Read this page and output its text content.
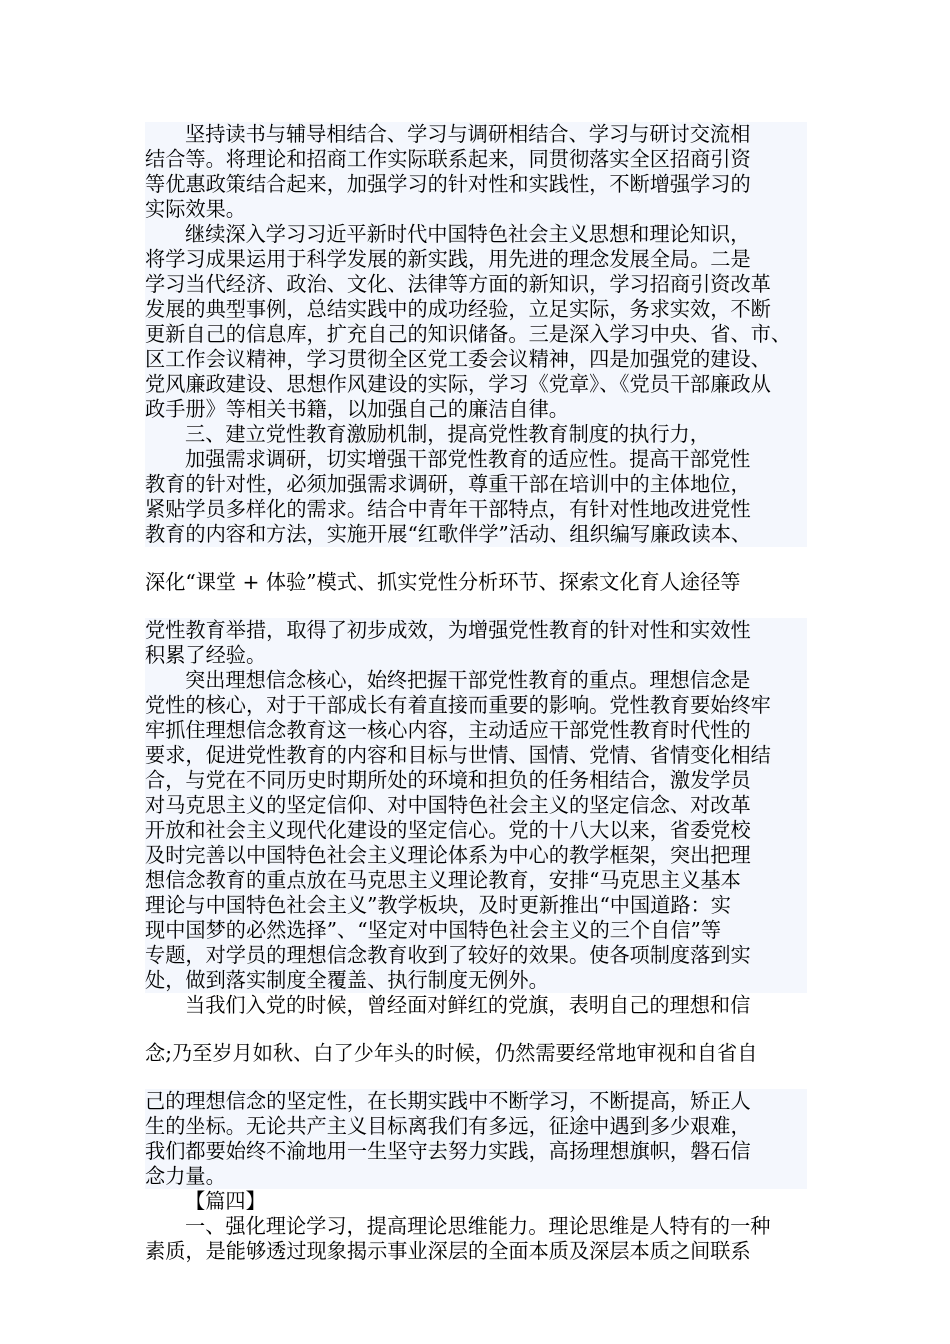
坚持读书与辅导相结合、学习与调研相结合、学习与研讨交流相
结合等。将理论和招商工作实际联系起来，同贯彻落实全区招商引资
等优惠政策结合起来，加强学习的针对性和实践性，不断增强学习的
实际效果。
继续深入学习习近平新时代中国特色社会主义思想和理论知识，
将学习成果运用于科学发展的新实践，用先进的理念发展全局。二是
学习当代经济、政治、文化、法律等方面的新知识，学习招商引资改革
发展的典型事例，总结实践中的成功经验，立足实际，务求实效，不断
更新自己的信息库，扩充自己的知识储备。三是深入学习中央、省、市、
区工作会议精神，学习贯彻全区党工委会议精神，四是加强党的建设、
党风廉政建设、思想作风建设的实际，学习《党章》、《党员干部廉政从
政手册》等相关书籍，以加强自己的廉洁自律。
三、建立党性教育激励机制，提高党性教育制度的执行力，
加强需求调研，切实增强干部党性教育的适应性。提高干部党性
教育的针对性，必须加强需求调研，尊重干部在培训中的主体地位，
紧贴学员多样化的需求。结合中青年干部特点，有针对性地改进党性
教育的内容和方法，实施开展“红歌伴学”活动、组织编写廉政读本、
深化“课堂 + 体验”模式、抓实党性分析环节、探索文化育人途径等
党性教育举措，取得了初步成效，为增强党性教育的针对性和实效性
积累了经验。
突出理想信念核心，始终把握干部党性教育的重点。理想信念是
党性的核心，对于干部成长有着直接而重要的影响。党性教育要始终牢
牢抓住理想信念教育这一核心内容，主动适应干部党性教育时代性的
要求，促进党性教育的内容和目标与世情、国情、党情、省情变化相结
合，与党在不同历史时期所处的环境和担负的任务相结合，激发学员
对马克思主义的坚定信仰、对中国特色社会主义的坚定信念、对改革
开放和社会主义现代化建设的坚定信心。党的十八大以来，省委党校
及时完善以中国特色社会主义理论体系为中心的教学框架，突出把理
想信念教育的重点放在马克思主义理论教育，安排“马克思主义基本
理论与中国特色社会主义”教学板块，及时更新推出“中国道路：实
现中国梦的必然选择”、“坚定对中国特色社会主义的三个自信”等
专题，对学员的理想信念教育收到了较好的效果。使各项制度落到实
处，做到落实制度全覆盖、执行制度无例外。
当我们入党的时候，曾经面对鲜红的党旗，表明自己的理想和信
念;乃至岁月如秋、白了少年头的时候，仍然需要经常地审视和自省自
己的理想信念的坚定性，在长期实践中不断学习，不断提高，矫正人
生的坐标。无论共产主义目标离我们有多远，征途中遇到多少艰难，
我们都要始终不渝地用一生坚守去努力实践，高扬理想旗帜，磐石信
念力量。
【篇四】
一、强化理论学习，提高理论思维能力。理论思维是人特有的一种
素质，是能够透过现象揭示事业深层的全面本质及深层本质之间联系
